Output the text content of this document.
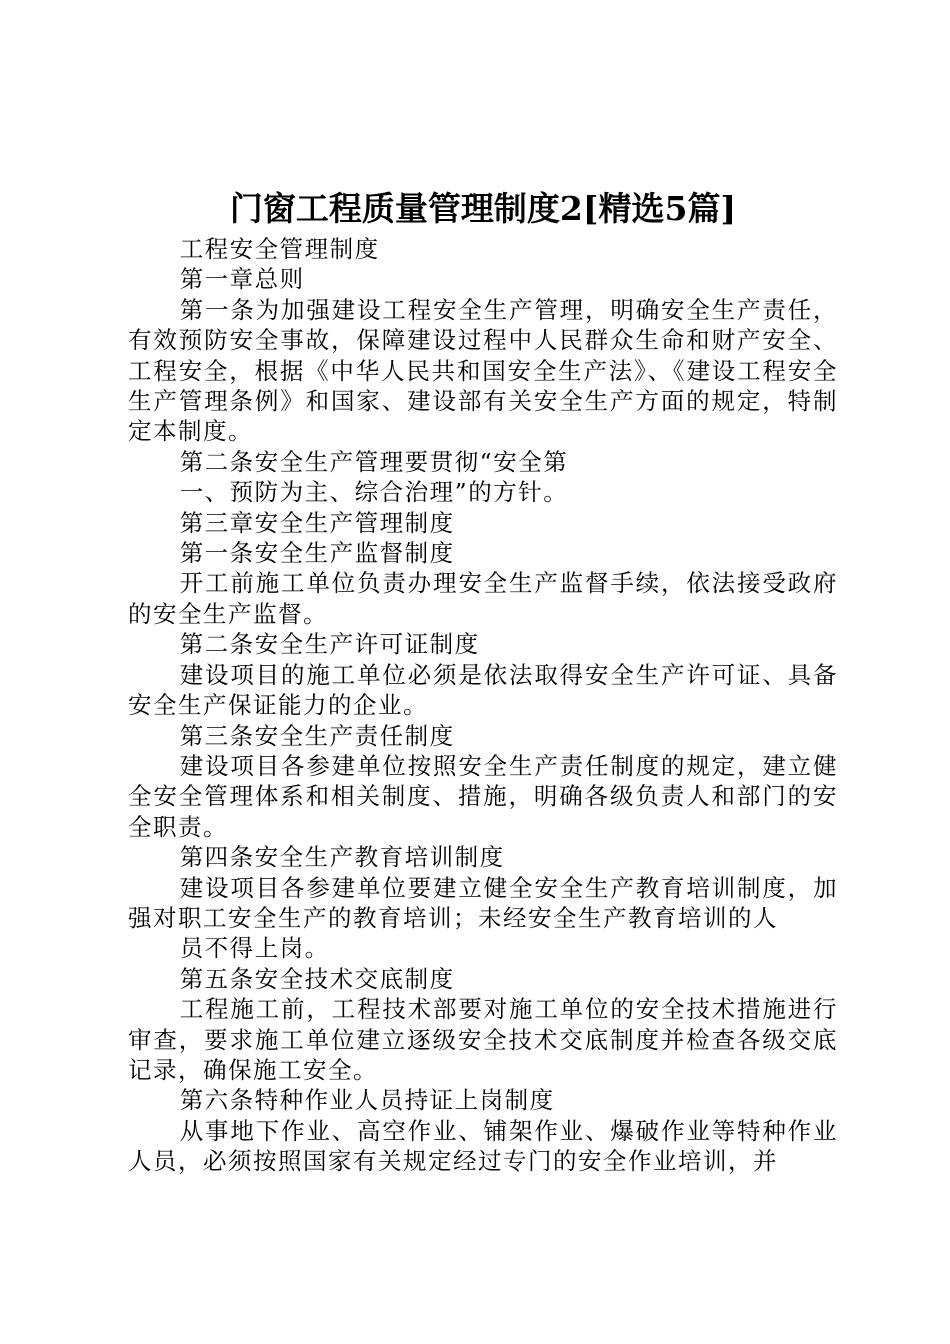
门窗工程质量管理制度2[精选5篇]

工程安全管理制度

第一章总则

第一条为加强建设工程安全生产管理，明确安全生产责任，有效预防安全事故，保障建设过程中人民群众生命和财产安全、工程安全，根据《中华人民共和国安全生产法》、《建设工程安全生产管理条例》和国家、建设部有关安全生产方面的规定，特制定本制度。

第二条安全生产管理要贯彻“安全第

一、预防为主、综合治理”的方针。

第三章安全生产管理制度

第一条安全生产监督制度

开工前施工单位负责办理安全生产监督手续，依法接受政府的安全生产监督。

第二条安全生产许可证制度

建设项目的施工单位必须是依法取得安全生产许可证、具备安全生产保证能力的企业。

第三条安全生产责任制度

建设项目各参建单位按照安全生产责任制度的规定，建立健全安全管理体系和相关制度、措施，明确各级负责人和部门的安全职责。

第四条安全生产教育培训制度

建设项目各参建单位要建立健全安全生产教育培训制度，加强对职工安全生产的教育培训；未经安全生产教育培训的人

员不得上岗。

第五条安全技术交底制度

工程施工前，工程技术部要对施工单位的安全技术措施进行审查，要求施工单位建立逐级安全技术交底制度并检查各级交底记录，确保施工安全。

第六条特种作业人员持证上岗制度

从事地下作业、高空作业、铺架作业、爆破作业等特种作业人员，必须按照国家有关规定经过专门的安全作业培训，并
